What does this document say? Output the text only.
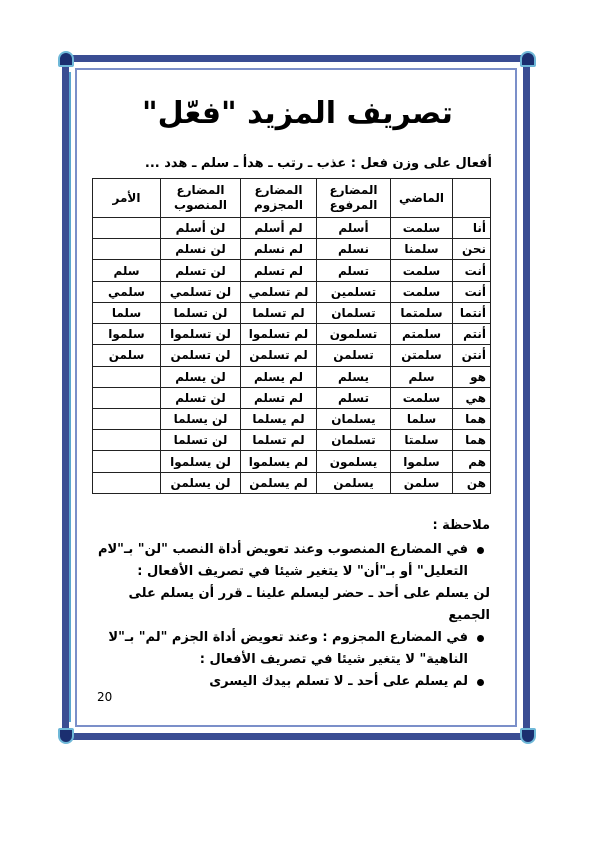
تصريف المزيد "فعّل"
أفعال على وزن فعل : عذب ـ رتب ـ هدأ ـ سلم ـ هدد ...
	الماضي	المضارع المرفوع	المضارع المجزوم	المضارع المنصوب	الأمر
أنا	سلمت	أسلم	لم أسلم	لن أسلم	
نحن	سلمنا	نسلم	لم نسلم	لن نسلم	
أنت	سلمت	تسلم	لم تسلم	لن تسلم	سلم
أنت	سلمت	تسلمين	لم تسلمي	لن تسلمي	سلمي
أنتما	سلمتما	تسلمان	لم تسلما	لن تسلما	سلما
أنتم	سلمتم	تسلمون	لم تسلموا	لن تسلموا	سلموا
أنتن	سلمتن	تسلمن	لم تسلمن	لن تسلمن	سلمن
هو	سلم	يسلم	لم يسلم	لن يسلم	
هي	سلمت	تسلم	لم تسلم	لن تسلم	
هما	سلما	يسلمان	لم يسلما	لن يسلما	
هما	سلمتا	تسلمان	لم تسلما	لن تسلما	
هم	سلموا	يسلمون	لم يسلموا	لن يسلموا	
هن	سلمن	يسلمن	لم يسلمن	لن يسلمن	
ملاحظة :
في المضارع المنصوب وعند تعويض أداة النصب "لن" بـ"لام
التعليل" أو بـ"أن" لا يتغير شيئا في تصريف الأفعال :
لن يسلم على أحد ـ حضر ليسلم علينا ـ قرر أن يسلم على الجميع
في المضارع المجزوم : وعند تعويض أداة الجزم "لم" بـ"لا
الناهية" لا يتغير شيئا في تصريف الأفعال :
لم يسلم على أحد ـ لا تسلم بيدك اليسرى
20
